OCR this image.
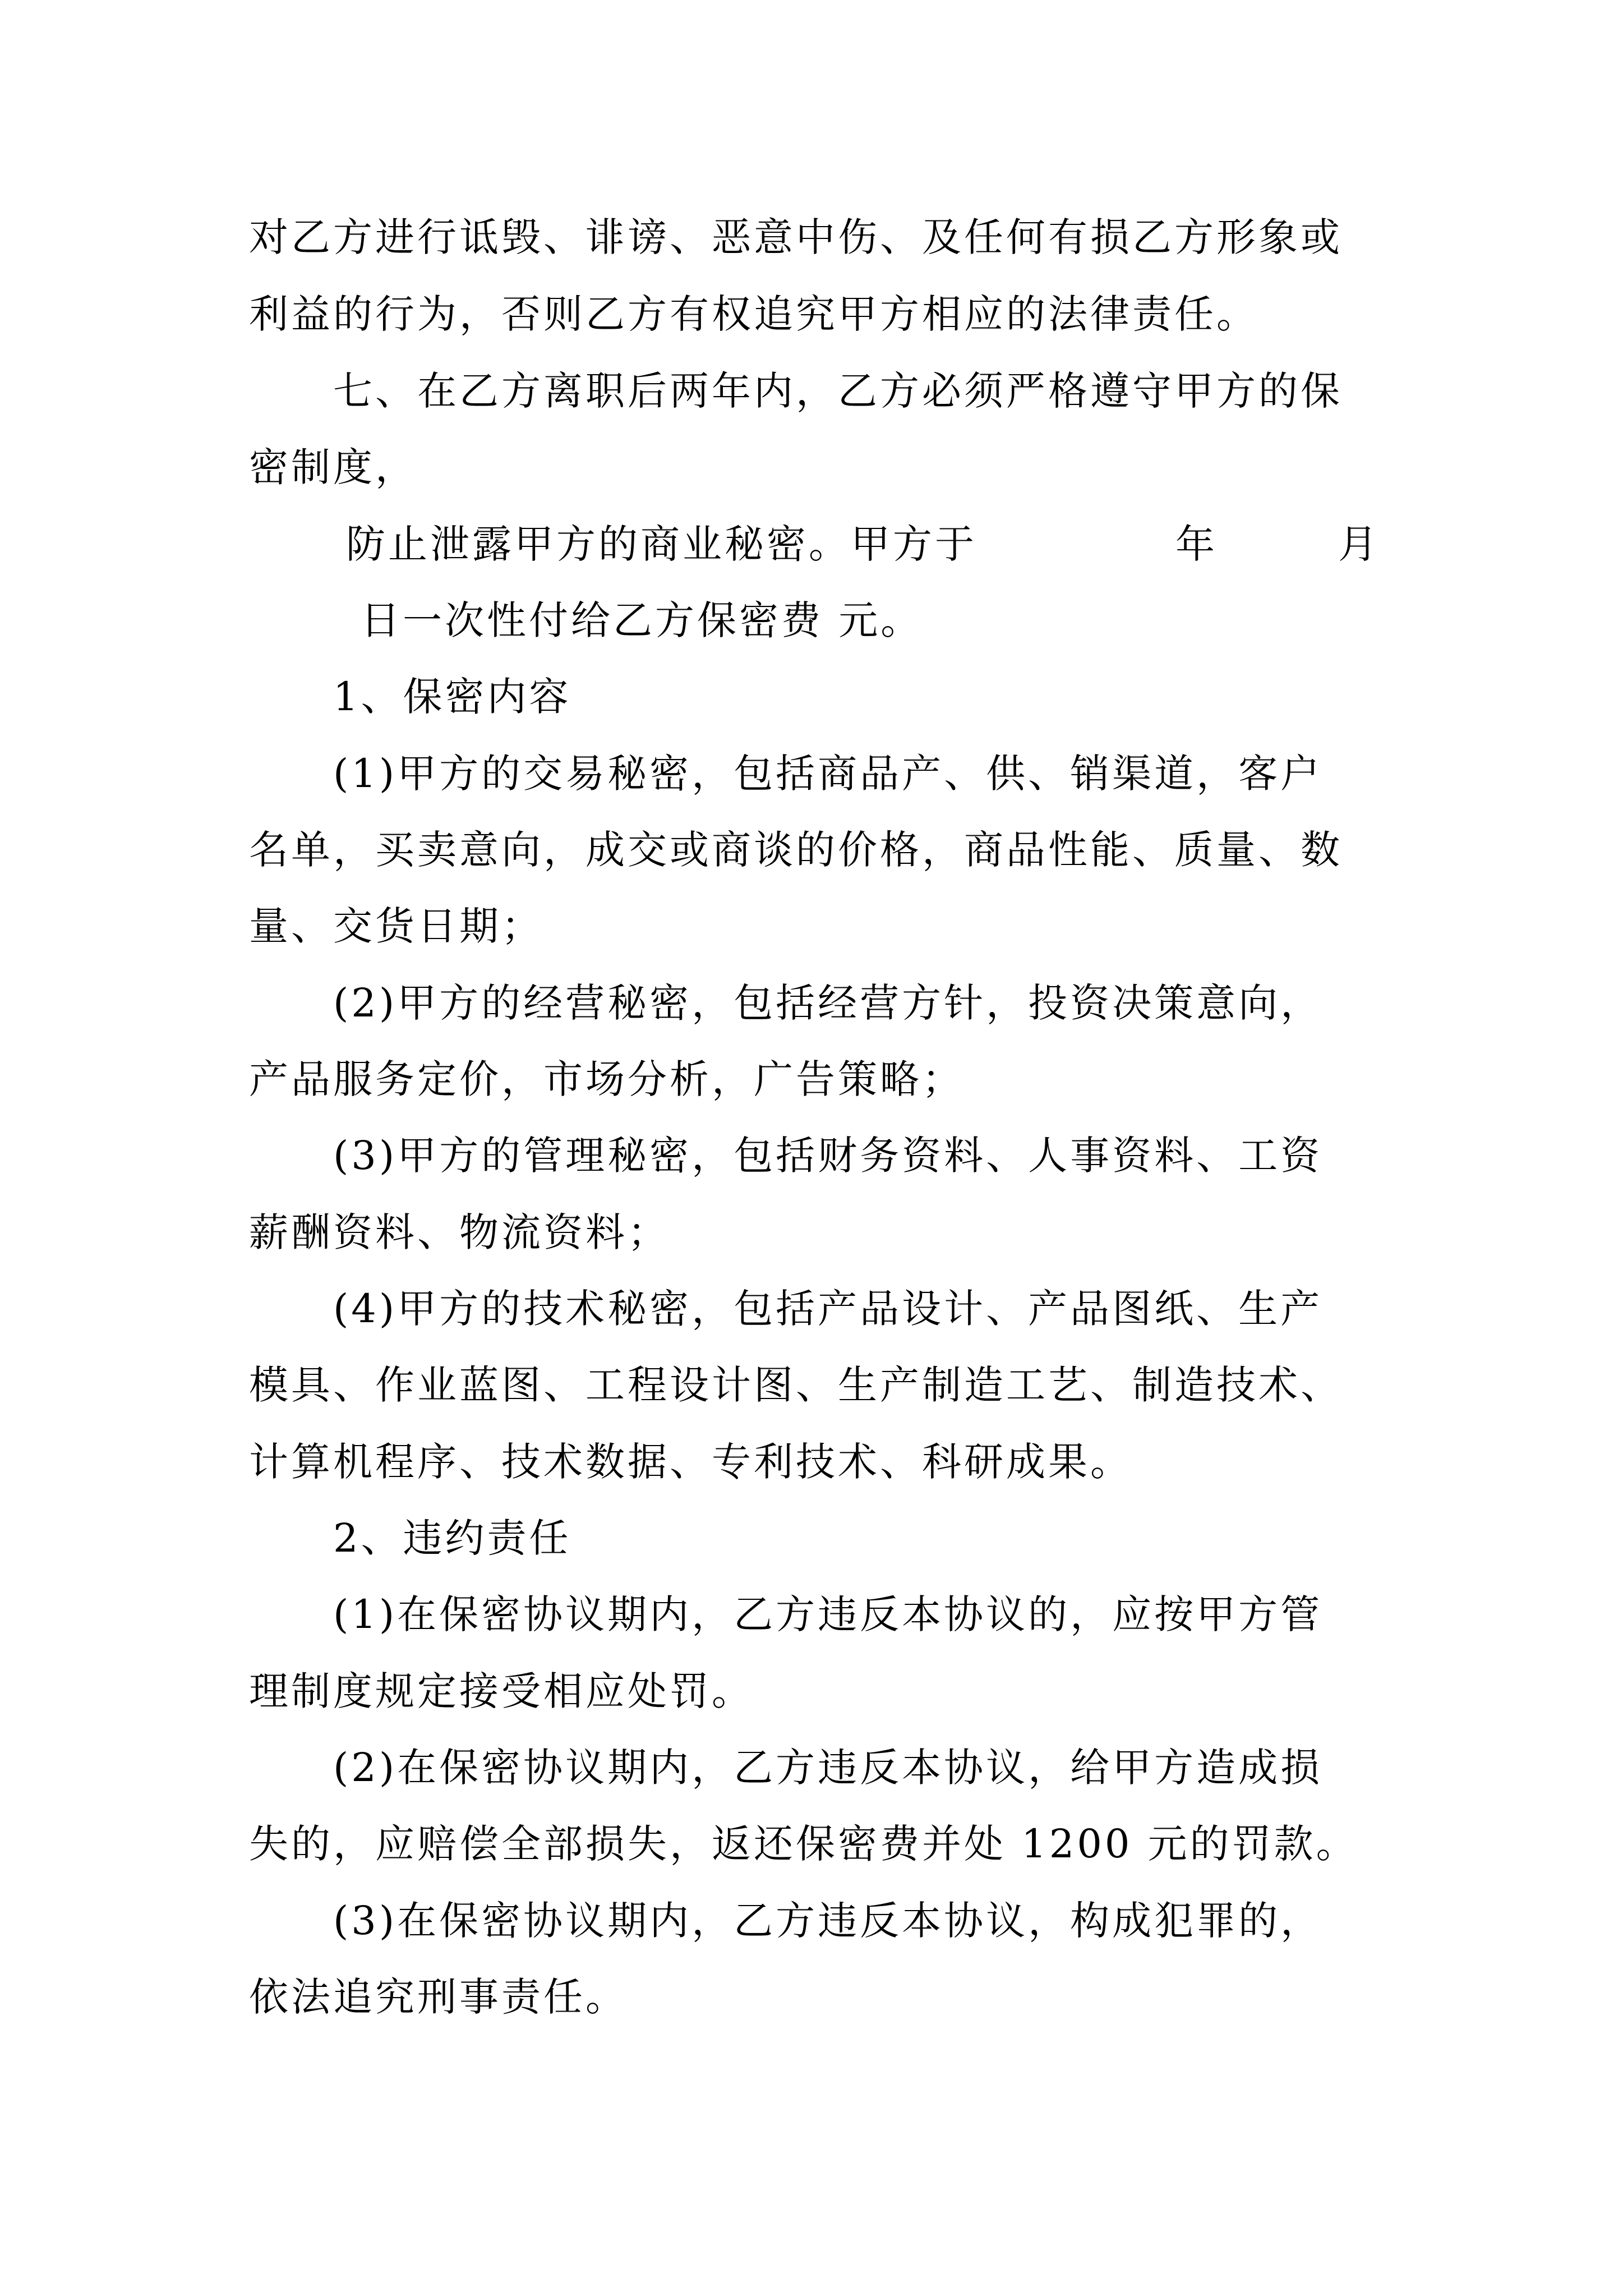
对乙方进行诋毁、诽谤、恶意中伤、及任何有损乙方形象或
利益的行为，否则乙方有权追究甲方相应的法律责任。
七、在乙方离职后两年内，乙方必须严格遵守甲方的保
密制度，
防止泄露甲方的商业秘密。甲方于	年	月
日一次性付给乙方保密费 元。
1、保密内容
(1)甲方的交易秘密，包括商品产、供、销渠道，客户
名单，买卖意向，成交或商谈的价格，商品性能、质量、数
量、交货日期；
(2)甲方的经营秘密，包括经营方针，投资决策意向，
产品服务定价，市场分析，广告策略；
(3)甲方的管理秘密，包括财务资料、人事资料、工资
薪酬资料、物流资料；
(4)甲方的技术秘密，包括产品设计、产品图纸、生产
模具、作业蓝图、工程设计图、生产制造工艺、制造技术、
计算机程序、技术数据、专利技术、科研成果。
2、违约责任
(1)在保密协议期内，乙方违反本协议的，应按甲方管
理制度规定接受相应处罚。
(2)在保密协议期内，乙方违反本协议，给甲方造成损
失的，应赔偿全部损失，返还保密费并处 1200 元的罚款。
(3)在保密协议期内，乙方违反本协议，构成犯罪的，
依法追究刑事责任。
